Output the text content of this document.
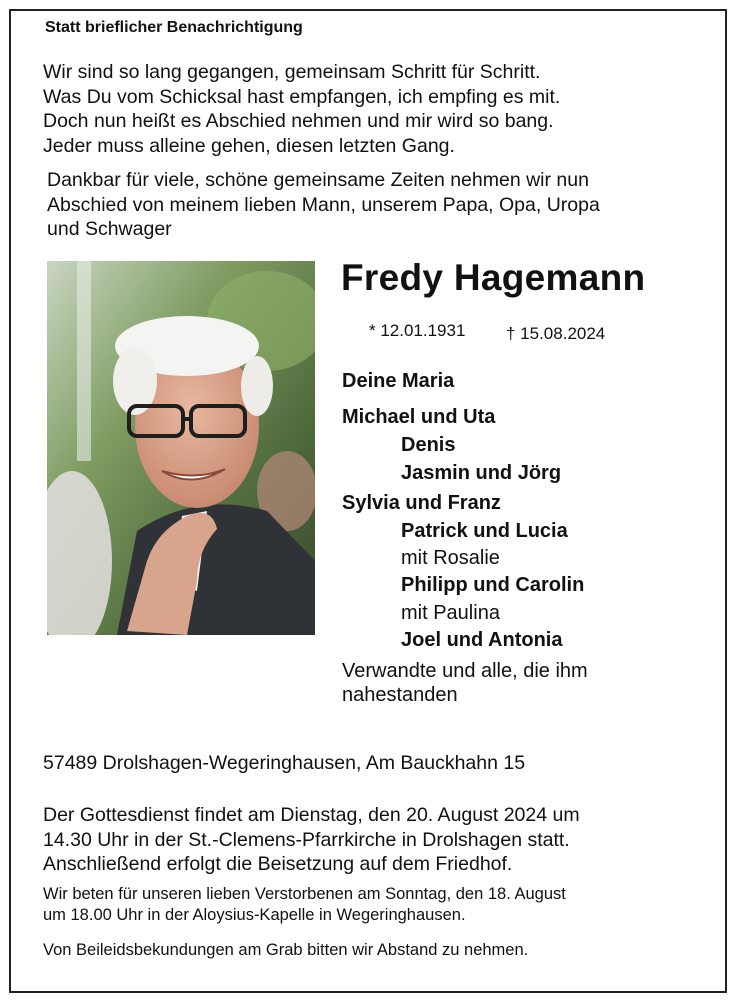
Statt brieflicher Benachrichtigung
Wir sind so lang gegangen, gemeinsam Schritt für Schritt.
Was Du vom Schicksal hast empfangen, ich empfing es mit.
Doch nun heißt es Abschied nehmen und mir wird so bang.
Jeder muss alleine gehen, diesen letzten Gang.
Dankbar für viele, schöne gemeinsame Zeiten nehmen wir nun
Abschied von meinem lieben Mann, unserem Papa, Opa, Uropa
und Schwager
Fredy Hagemann
* 12.01.1931 † 15.08.2024
Deine Maria
Michael und Uta
Denis
Jasmin und Jörg
Sylvia und Franz
Patrick und Lucia
mit Rosalie
Philipp und Carolin
mit Paulina
Joel und Antonia
Verwandte und alle, die ihm
nahestanden
57489 Drolshagen-Wegeringhausen, Am Bauckhahn 15
Der Gottesdienst findet am Dienstag, den 20. August 2024 um
14.30 Uhr in der St.-Clemens-Pfarrkirche in Drolshagen statt.
Anschließend erfolgt die Beisetzung auf dem Friedhof.
Wir beten für unseren lieben Verstorbenen am Sonntag, den 18. August
um 18.00 Uhr in der Aloysius-Kapelle in Wegeringhausen.
Von Beileidsbekundungen am Grab bitten wir Abstand zu nehmen.
